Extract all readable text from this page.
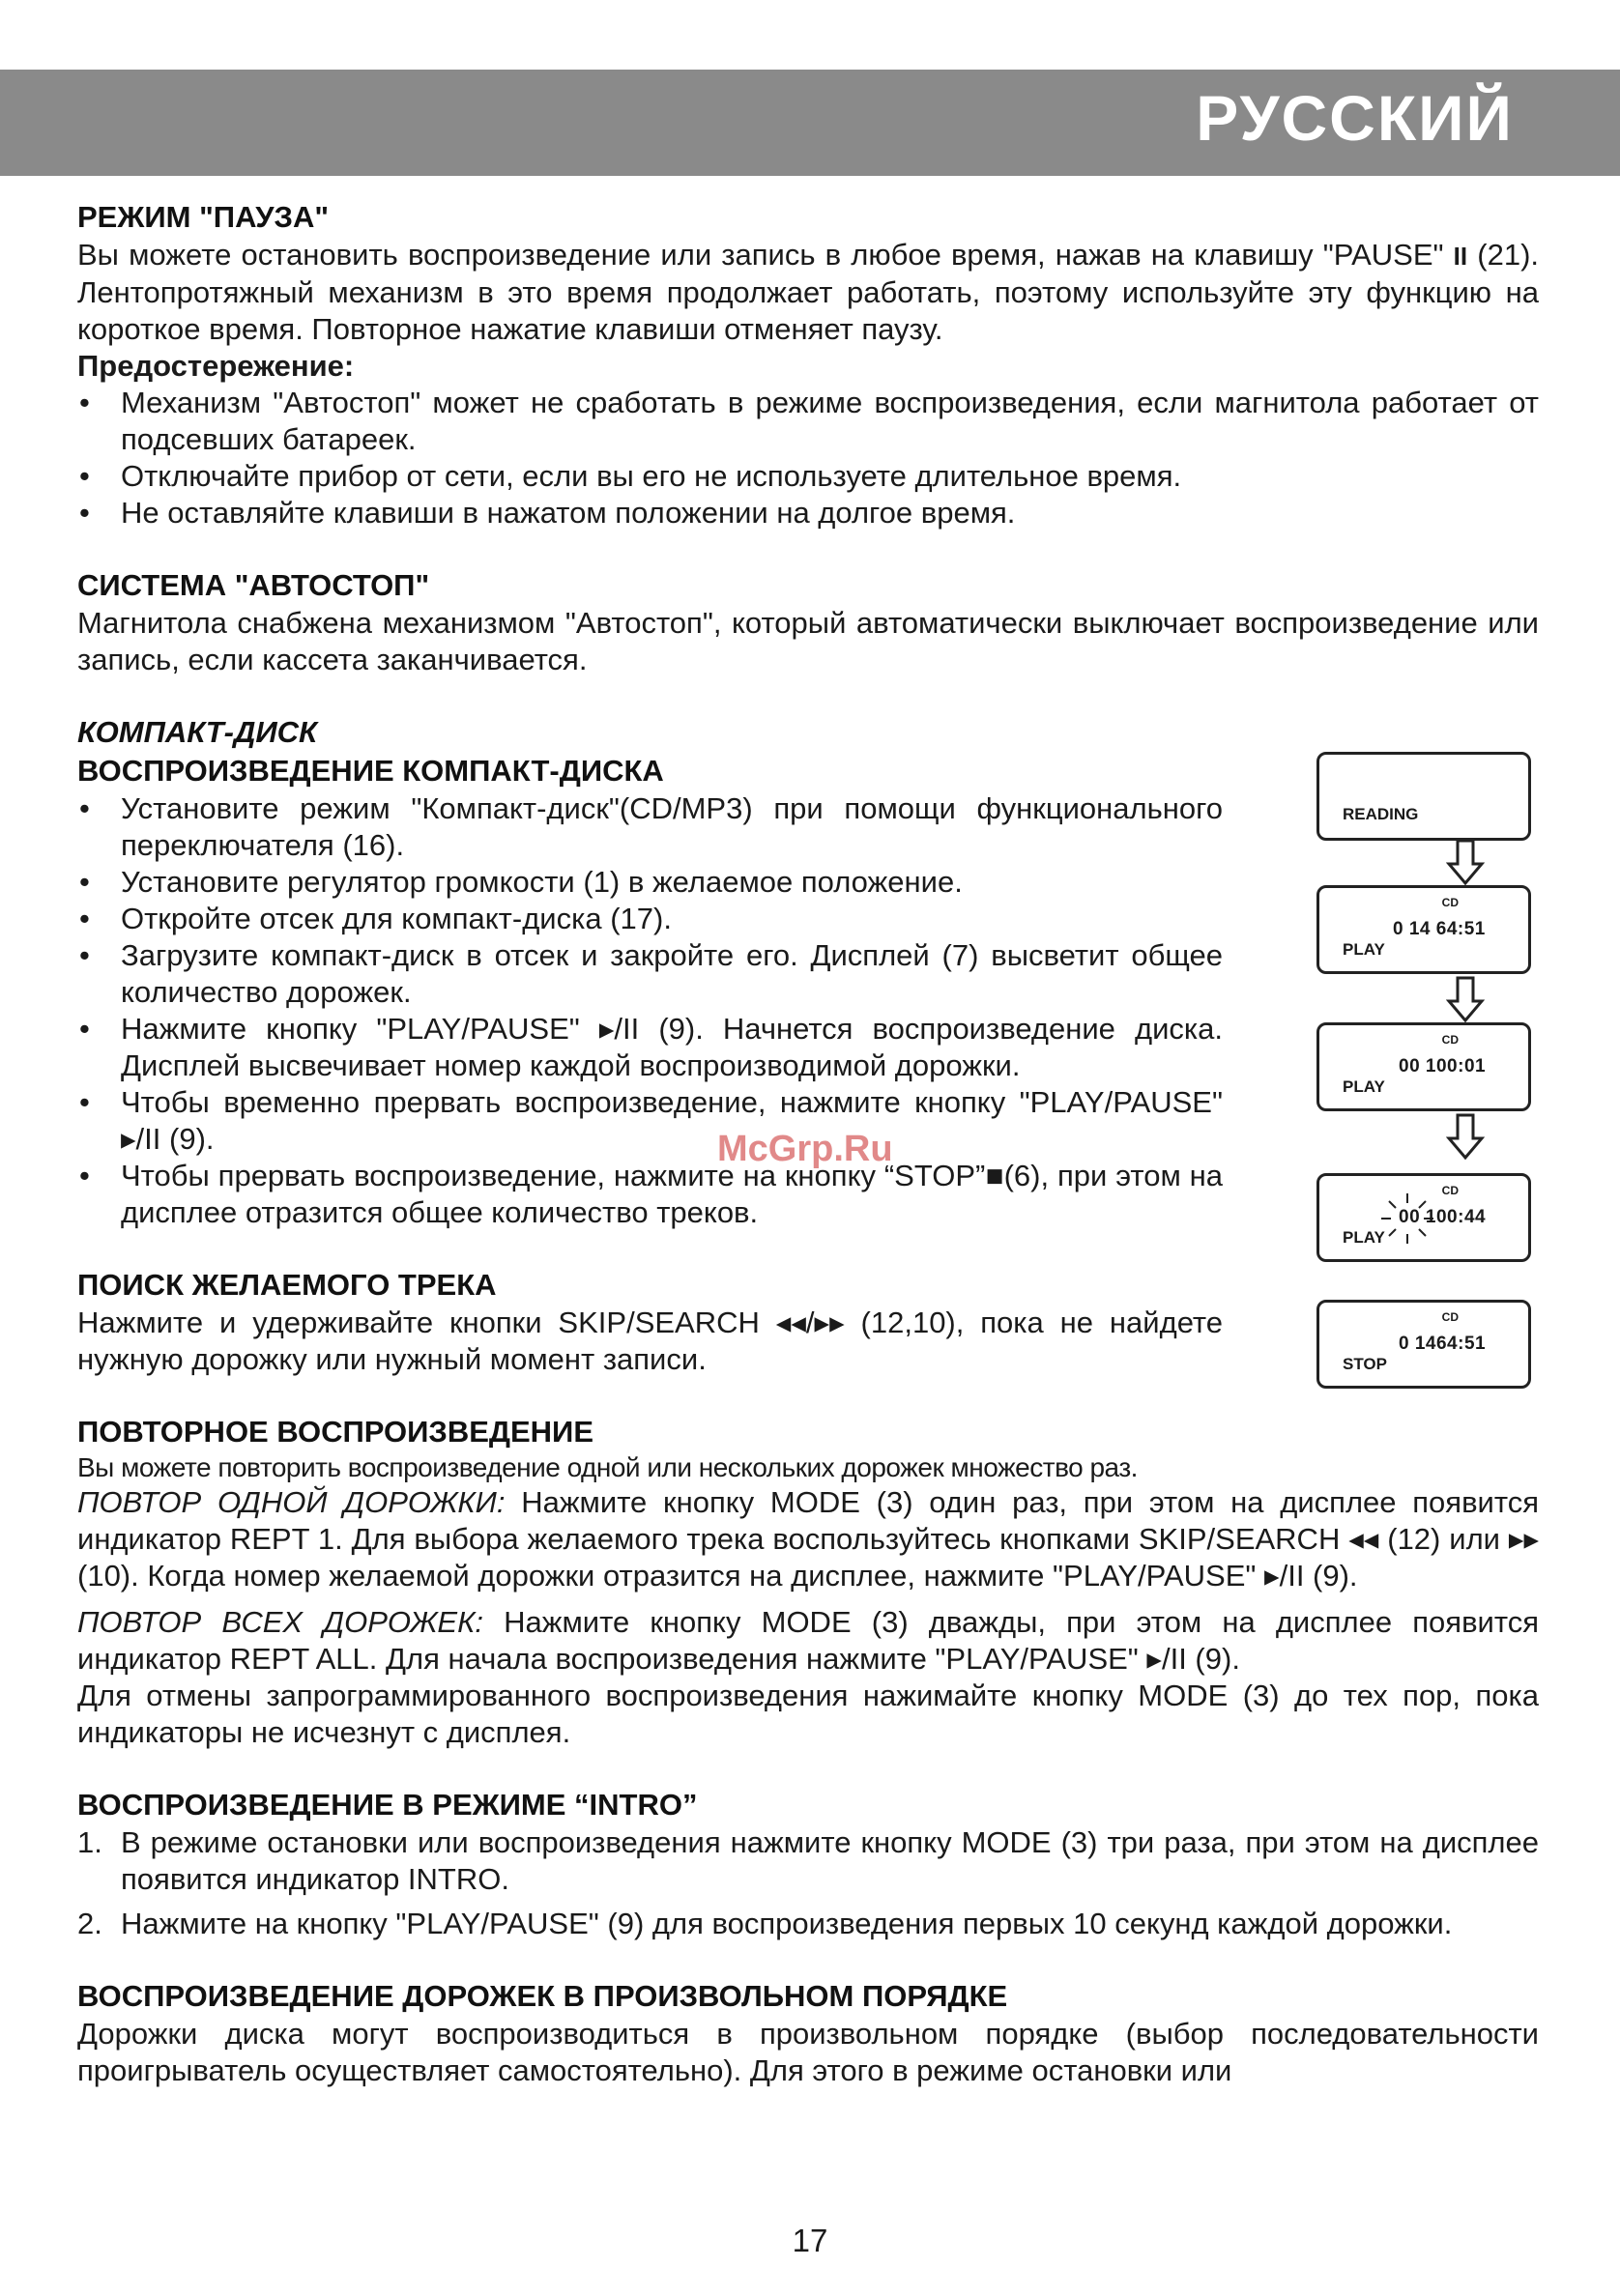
РУССКИЙ
РЕЖИМ "ПАУЗА"

Вы можете остановить воспроизведение или запись в любое время, нажав на клавишу "PAUSE" II (21). Лентопротяжный механизм в это время продолжает работать, поэтому используйте эту функцию на короткое время. Повторное нажатие клавиши отменяет паузу.

Предостережение:

• Механизм "Автостоп" может не сработать в режиме воспроизведения, если магнитола работает от подсевших батареек.
• Отключайте прибор от сети, если вы его не используете длительное время.
• Не оставляйте клавиши в нажатом положении на долгое время.
СИСТЕМА "АВТОСТОП"

Магнитола снабжена механизмом "Автостоп", который автоматически выключает воспроизведение или запись, если кассета заканчивается.

КОМПАКТ-ДИСК
ВОСПРОИЗВЕДЕНИЕ КОМПАКТ-ДИСКА
• Установите режим "Компакт-диск"(CD/MP3) при помощи функционального переключателя (16).
• Установите регулятор громкости (1) в желаемое положение.
• Откройте отсек для компакт-диска (17).
• Загрузите компакт-диск в отсек и закройте его. Дисплей (7) высветит общее количество дорожек.
• Нажмите кнопку "PLAY/PAUSE" ▸/II (9). Начнется воспроизведение диска. Дисплей высвечивает номер каждой воспроизводимой дорожки.
• Чтобы временно прервать воспроизведение, нажмите кнопку "PLAY/PAUSE" ▸/II (9).
• Чтобы прервать воспроизведение, нажмите на кнопку “STOP”■(6), при этом на дисплее отразится общее количество треков.
ПОИСК ЖЕЛАЕМОГО ТРЕКА

Нажмите и удерживайте кнопки SKIP/SEARCH ◂◂/▸▸ (12,10), пока не найдете нужную дорожку или нужный момент записи.

ПОВТОРНОЕ ВОСПРОИЗВЕДЕНИЕ

Вы можете повторить воспроизведение одной или нескольких дорожек множество раз.

ПОВТОР ОДНОЙ ДОРОЖКИ: Нажмите кнопку MODE (3) один раз, при этом на дисплее появится индикатор REPT 1. Для выбора желаемого трека воспользуйтесь кнопками SKIP/SEARCH ◂◂ (12) или ▸▸ (10). Когда номер желаемой дорожки отразится на дисплее, нажмите "PLAY/PAUSE" ▸/II (9).

ПОВТОР ВСЕХ ДОРОЖЕК: Нажмите кнопку MODE (3) дважды, при этом на дисплее появится индикатор REPT ALL. Для начала воспроизведения нажмите "PLAY/PAUSE" ▸/II (9).

Для отмены запрограммированного воспроизведения нажимайте кнопку MODE (3) до тех пор, пока индикаторы не исчезнут с дисплея.

ВОСПРОИЗВЕДЕНИЕ В РЕЖИМЕ “INTRO”
1. В режиме остановки или воспроизведения нажмите кнопку MODE (3) три раза, при этом на дисплее появится индикатор INTRO.
2. Нажмите на кнопку "PLAY/PAUSE" (9) для воспроизведения первых 10 секунд каждой дорожки.
ВОСПРОИЗВЕДЕНИЕ ДОРОЖЕК В ПРОИЗВОЛЬНОМ ПОРЯДКЕ

Дорожки диска могут воспроизводиться в произвольном порядке (выбор последовательности проигрыватель осуществляет самостоятельно). Для этого в режиме остановки или

READING
CD
0 14 64:51
PLAY
CD
00 100:01
PLAY
CD
00 100:44
PLAY
CD
0 1464:51
STOP
McGrp.Ru
17
